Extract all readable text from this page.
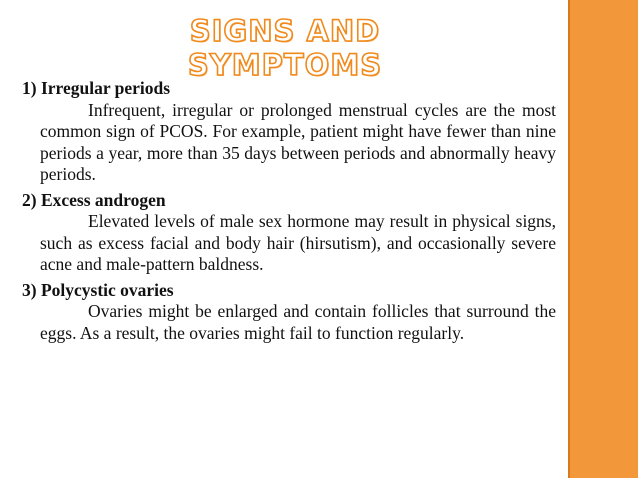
SIGNS AND SYMPTOMS

1) Irregular periods

Infrequent, irregular or prolonged menstrual cycles are the most common sign of PCOS. For example, patient might have fewer than nine periods a year, more than 35 days between periods and abnormally heavy periods.

2) Excess androgen

Elevated levels of male sex hormone may result in physical signs, such as excess facial and body hair (hirsutism), and occasionally severe acne and male-pattern baldness.

3) Polycystic ovaries

Ovaries might be enlarged and contain follicles that surround the eggs. As a result, the ovaries might fail to function regularly.
